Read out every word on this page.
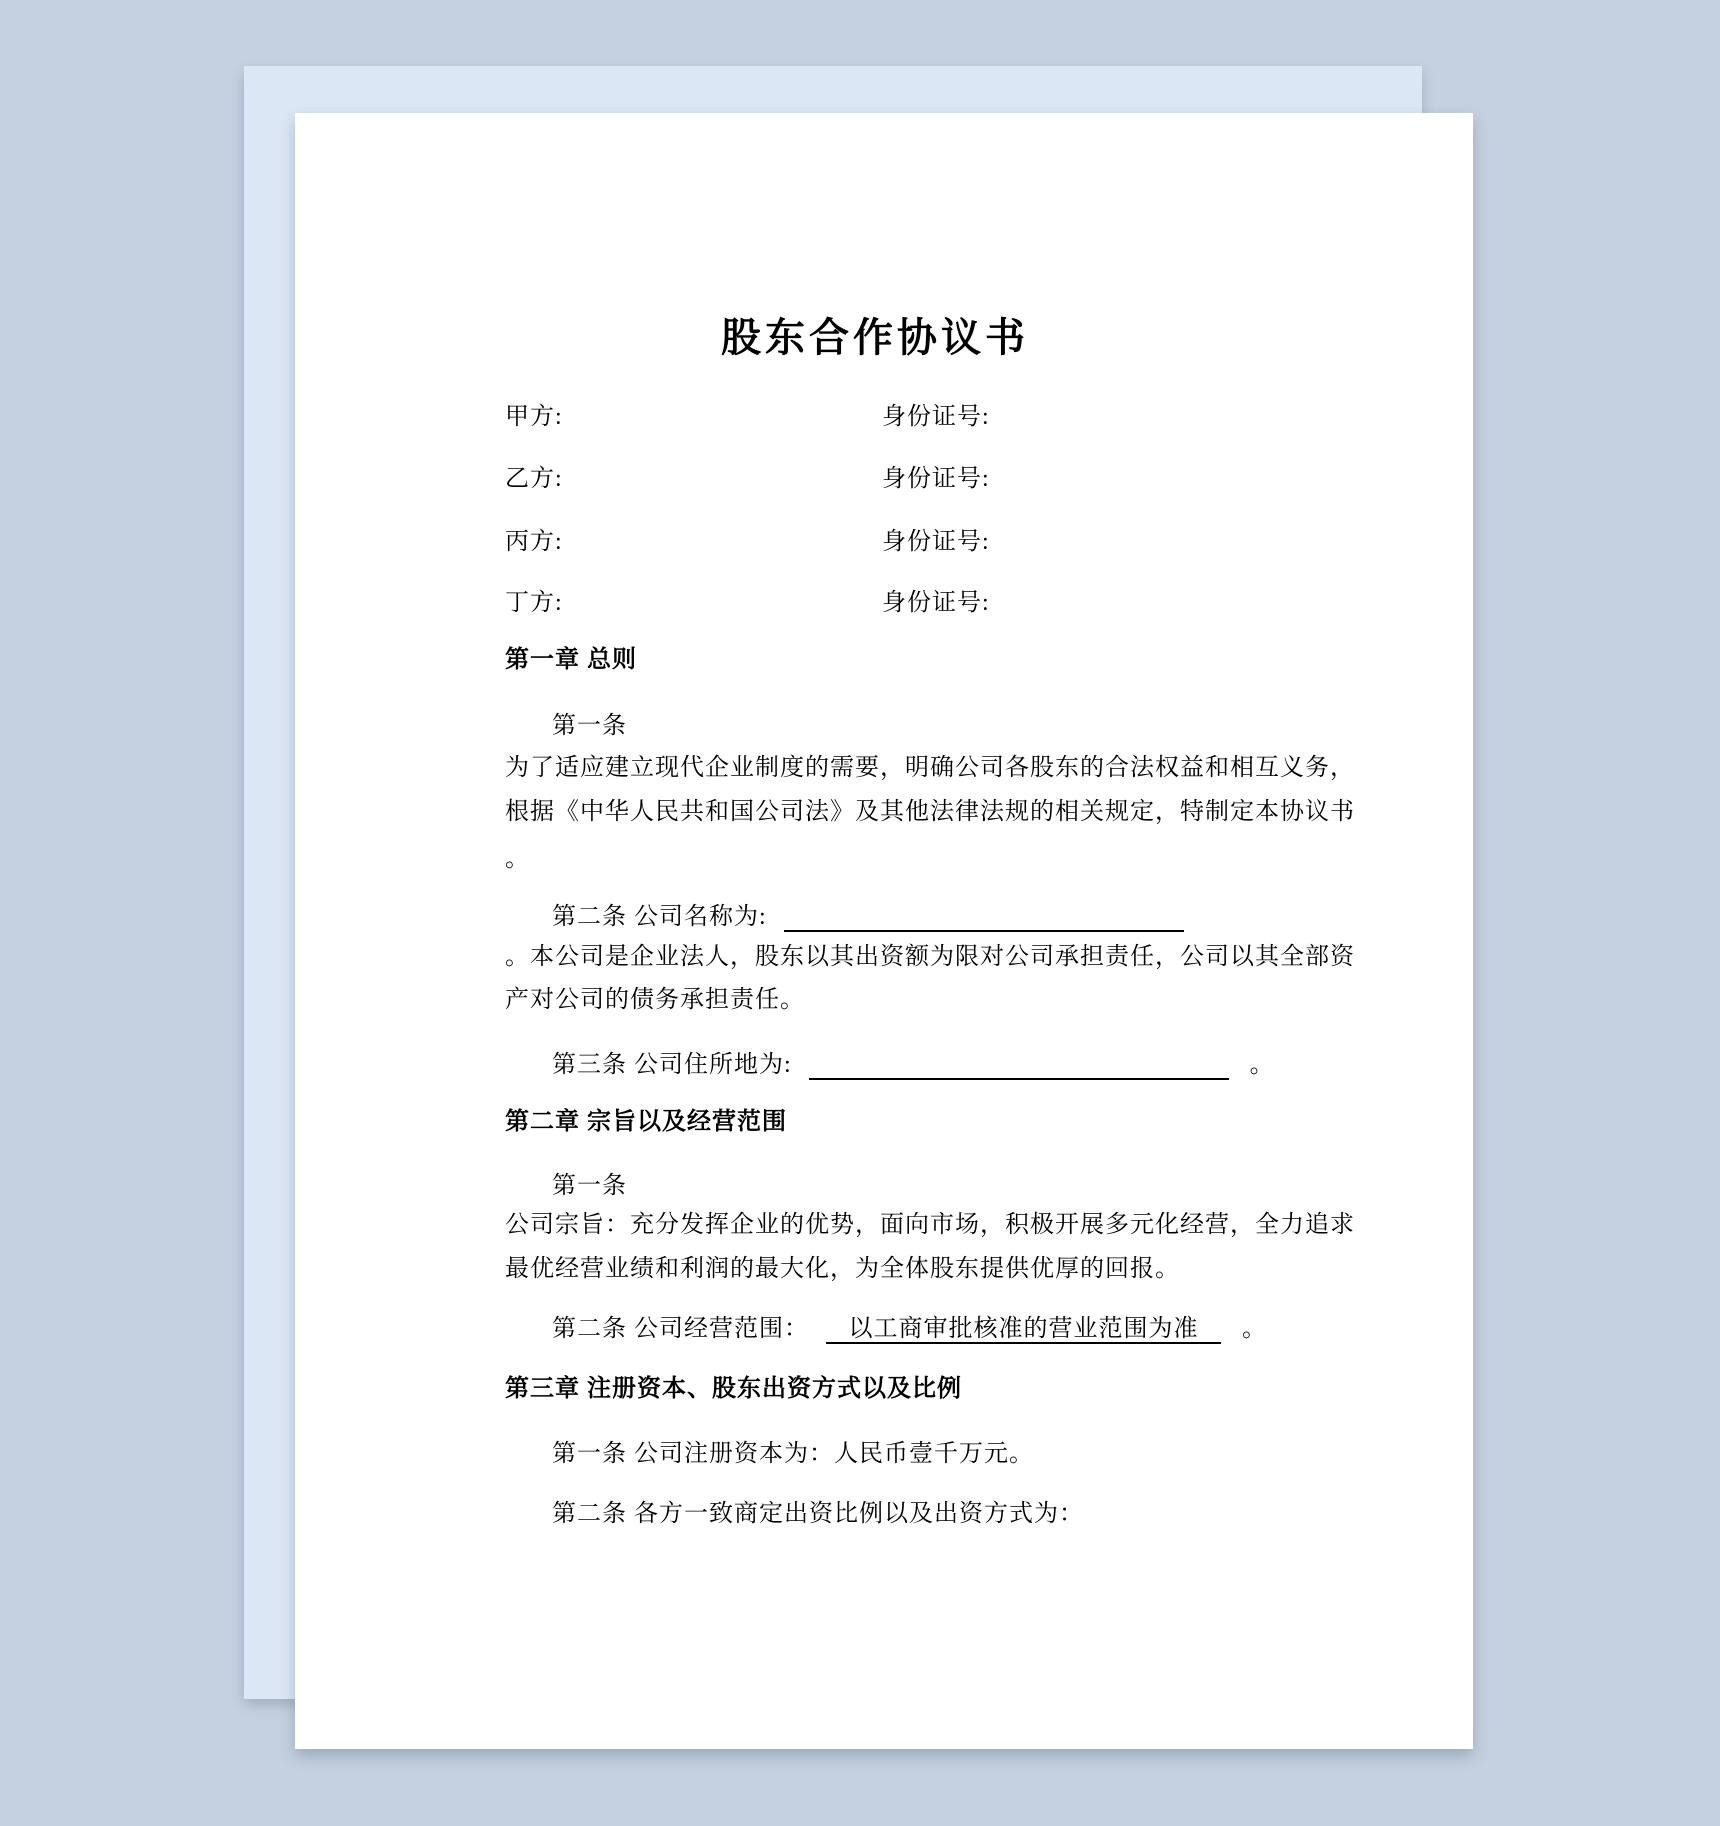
股东合作协议书
甲方:	身份证号:
乙方:	身份证号:
丙方:	身份证号:
丁方:	身份证号:
第一章 总则
第一条
为了适应建立现代企业制度的需要，明确公司各股东的合法权益和相互义务，
根据《中华人民共和国公司法》及其他法律法规的相关规定，特制定本协议书
。
第二条 公司名称为:
。本公司是企业法人，股东以其出资额为限对公司承担责任，公司以其全部资
产对公司的债务承担责任。
第三条 公司住所地为:	。
第二章 宗旨以及经营范围
第一条
公司宗旨：充分发挥企业的优势，面向市场，积极开展多元化经营，全力追求
最优经营业绩和利润的最大化，为全体股东提供优厚的回报。
第二条 公司经营范围： 以工商审批核准的营业范围为准 。
第三章 注册资本、股东出资方式以及比例
第一条 公司注册资本为：人民币壹千万元。
第二条 各方一致商定出资比例以及出资方式为：
